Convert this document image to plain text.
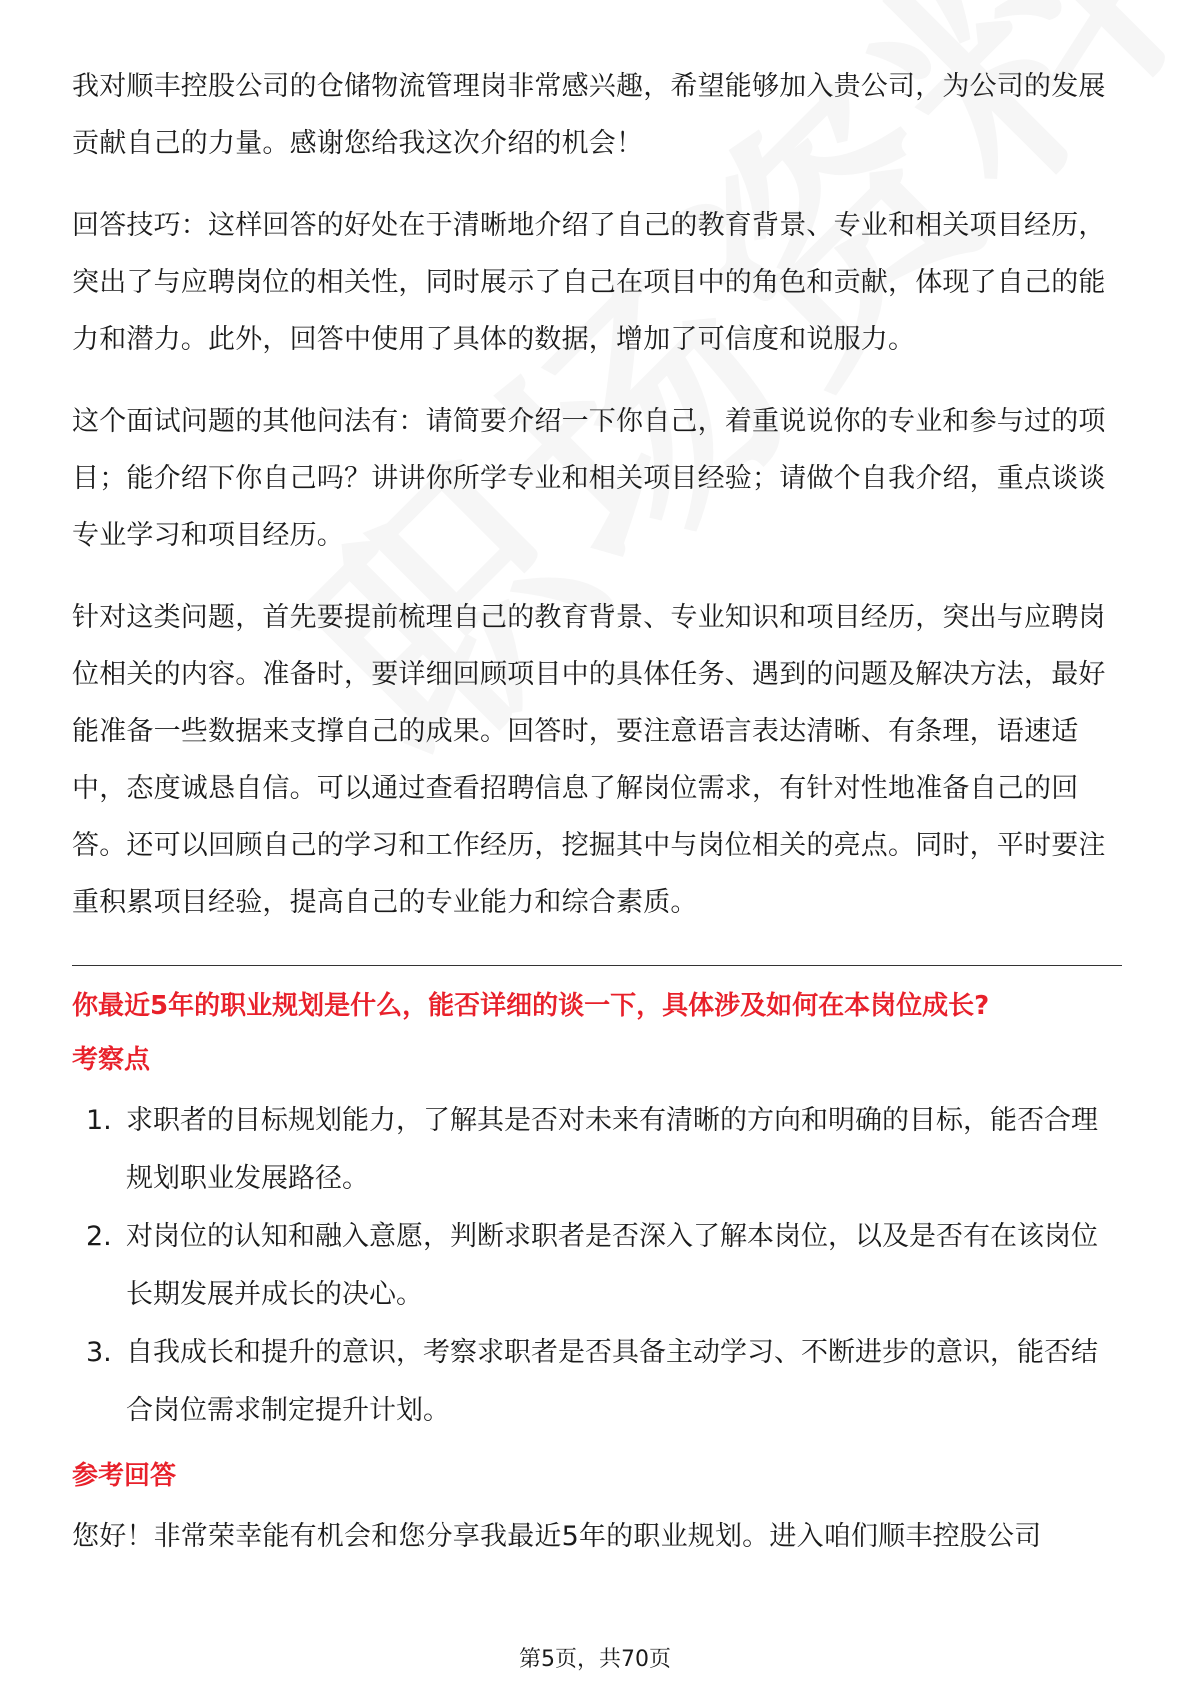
我对顺丰控股公司的仓储物流管理岗非常感兴趣，希望能够加入贵公司，为公司的发展贡献自己的力量。感谢您给我这次介绍的机会！

回答技巧：这样回答的好处在于清晰地介绍了自己的教育背景、专业和相关项目经历，突出了与应聘岗位的相关性，同时展示了自己在项目中的角色和贡献，体现了自己的能力和潜力。此外，回答中使用了具体的数据，增加了可信度和说服力。

这个面试问题的其他问法有：请简要介绍一下你自己，着重说说你的专业和参与过的项目；能介绍下你自己吗？讲讲你所学专业和相关项目经验；请做个自我介绍，重点谈谈专业学习和项目经历。

针对这类问题，首先要提前梳理自己的教育背景、专业知识和项目经历，突出与应聘岗位相关的内容。准备时，要详细回顾项目中的具体任务、遇到的问题及解决方法，最好能准备一些数据来支撑自己的成果。回答时，要注意语言表达清晰、有条理，语速适中，态度诚恳自信。可以通过查看招聘信息了解岗位需求，有针对性地准备自己的回答。还可以回顾自己的学习和工作经历，挖掘其中与岗位相关的亮点。同时，平时要注重积累项目经验，提高自己的专业能力和综合素质。

你最近5年的职业规划是什么，能否详细的谈一下，具体涉及如何在本岗位成长?
考察点
1. 求职者的目标规划能力，了解其是否对未来有清晰的方向和明确的目标，能否合理规划职业发展路径。
2. 对岗位的认知和融入意愿，判断求职者是否深入了解本岗位，以及是否有在该岗位长期发展并成长的决心。
3. 自我成长和提升的意识，考察求职者是否具备主动学习、不断进步的意识，能否结合岗位需求制定提升计划。
参考回答

您好！非常荣幸能有机会和您分享我最近5年的职业规划。进入咱们顺丰控股公司

第5页，共70页
